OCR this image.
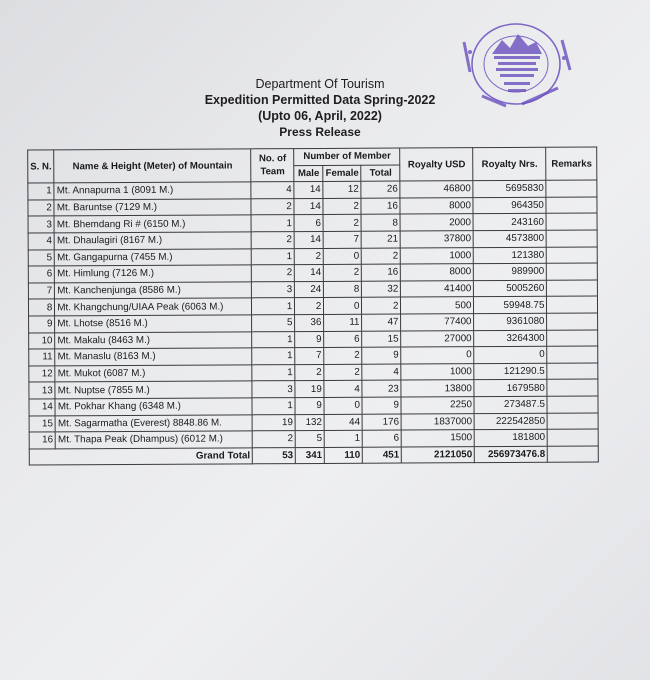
Department Of Tourism
Expedition Permitted Data Spring-2022
(Upto 06, April, 2022)
Press Release
S. N.	Name & Height (Meter) of Mountain	No. of Team	Number of Member			Royalty USD	Royalty Nrs.	Remarks
			Male	Female	Total			
1	Mt. Annapurna 1 (8091 M.)	4	14	12	26	46800	5695830	
2	Mt. Baruntse (7129 M.)	2	14	2	16	8000	964350	
3	Mt. Bhemdang Ri # (6150 M.)	1	6	2	8	2000	243160	
4	Mt. Dhaulagiri (8167 M.)	2	14	7	21	37800	4573800	
5	Mt. Gangapurna (7455 M.)	1	2	0	2	1000	121380	
6	Mt. Himlung (7126 M.)	2	14	2	16	8000	989900	
7	Mt. Kanchenjunga (8586 M.)	3	24	8	32	41400	5005260	
8	Mt. Khangchung/UIAA Peak (6063 M.)	1	2	0	2	500	59948.75	
9	Mt. Lhotse (8516 M.)	5	36	11	47	77400	9361080	
10	Mt. Makalu (8463 M.)	1	9	6	15	27000	3264300	
11	Mt. Manaslu (8163 M.)	1	7	2	9	0	0	
12	Mt. Mukot (6087 M.)	1	2	2	4	1000	121290.5	
13	Mt. Nuptse (7855 M.)	3	19	4	23	13800	1679580	
14	Mt. Pokhar Khang (6348 M.)	1	9	0	9	2250	273487.5	
15	Mt. Sagarmatha (Everest) 8848.86 M.	19	132	44	176	1837000	222542850	
16	Mt. Thapa Peak (Dhampus) (6012 M.)	2	5	1	6	1500	181800	
Grand Total		53	341	110	451	2121050	256973476.8	
